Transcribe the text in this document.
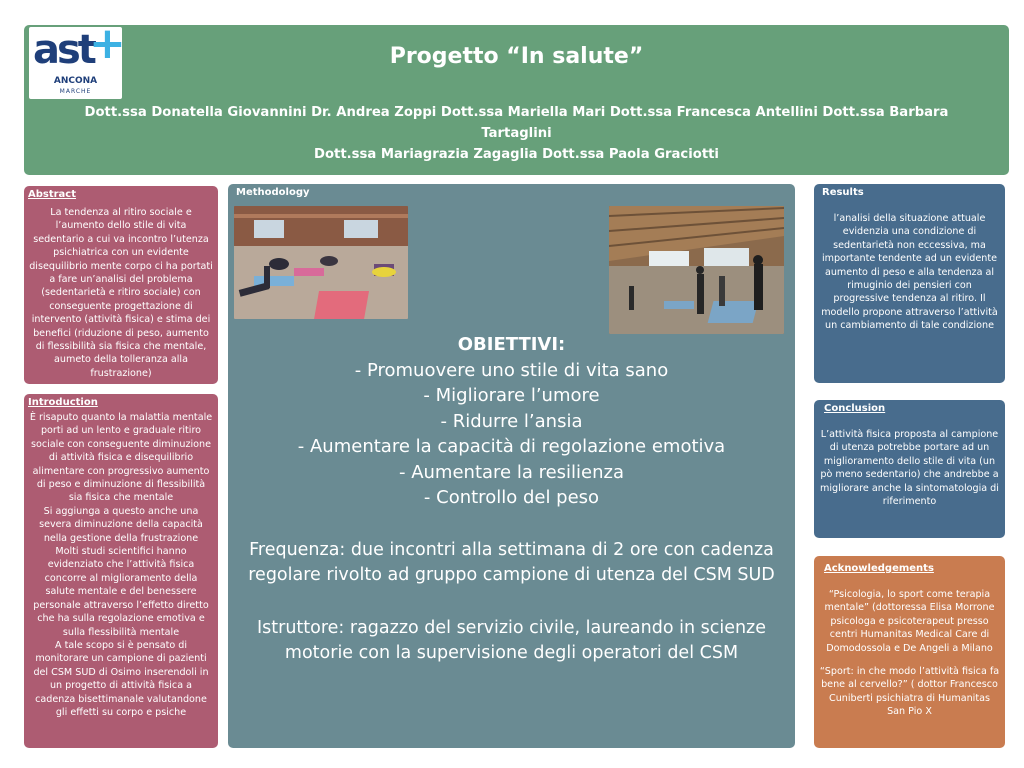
ast
+
ANCONA
MARCHE
Progetto “In salute”
Dott.ssa Donatella Giovannini Dr. Andrea Zoppi Dott.ssa Mariella Mari Dott.ssa Francesca Antellini Dott.ssa Barbara Tartaglini
Dott.ssa Mariagrazia Zagaglia Dott.ssa Paola Graciotti
Abstract
La tendenza al ritiro sociale e l’aumento dello stile di vita sedentario a cui va incontro l’utenza psichiatrica con un evidente disequilibrio mente corpo ci ha portati a fare un’analisi del problema (sedentarietà e ritiro sociale) con conseguente progettazione di intervento (attività fisica) e stima dei benefici (riduzione di peso, aumento di flessibilità sia fisica che mentale, aumeto della tolleranza alla frustrazione)
Introduction
È risaputo quanto la malattia mentale porti ad un lento e graduale ritiro sociale con conseguente diminuzione di attività fisica e disequilibrio alimentare con progressivo aumento di peso e diminuzione di flessibilità sia fisica che mentale
Si aggiunga a questo anche una severa diminuzione della capacità nella gestione della frustrazione
Molti studi scientifici hanno evidenziato che l’attività fisica concorre al miglioramento della salute mentale e del benessere personale attraverso l’effetto diretto che ha sulla regolazione emotiva e sulla flessibilità mentale
A tale scopo si è pensato di monitorare un campione di pazienti del CSM SUD di Osimo inserendoli in un progetto di attività fisica a cadenza bisettimanale valutandone gli effetti su corpo e psiche
Methodology
OBIETTIVI:
- Promuovere uno stile di vita sano
- Migliorare l’umore
- Ridurre l’ansia
- Aumentare la capacità di regolazione emotiva
- Aumentare la resilienza
- Controllo del peso
Frequenza: due incontri alla settimana di 2 ore con cadenza regolare rivolto ad gruppo campione di utenza del CSM SUD
Istruttore: ragazzo del servizio civile, laureando in scienze motorie con la supervisione degli operatori del CSM
Results
l’analisi della situazione attuale evidenzia una condizione di sedentarietà non eccessiva, ma importante tendente ad un evidente aumento di peso e alla tendenza al rimuginio dei pensieri con progressive tendenza al ritiro. Il modello propone attraverso l’attività un cambiamento di tale condizione
Conclusion
L’attività fisica proposta al campione di utenza potrebbe portare ad un miglioramento dello stile di vita (un pò meno sedentario) che andrebbe a migliorare anche la sintomatologia di riferimento
Acknowledgements
“Psicologia, lo sport come terapia mentale” (dottoressa Elisa Morrone psicologa e psicoterapeut presso centri Humanitas Medical Care di Domodossola e De Angeli a Milano
“Sport: in che modo l’attività fisica fa bene al cervello?” ( dottor Francesco Cuniberti psichiatra di Humanitas San Pio X
